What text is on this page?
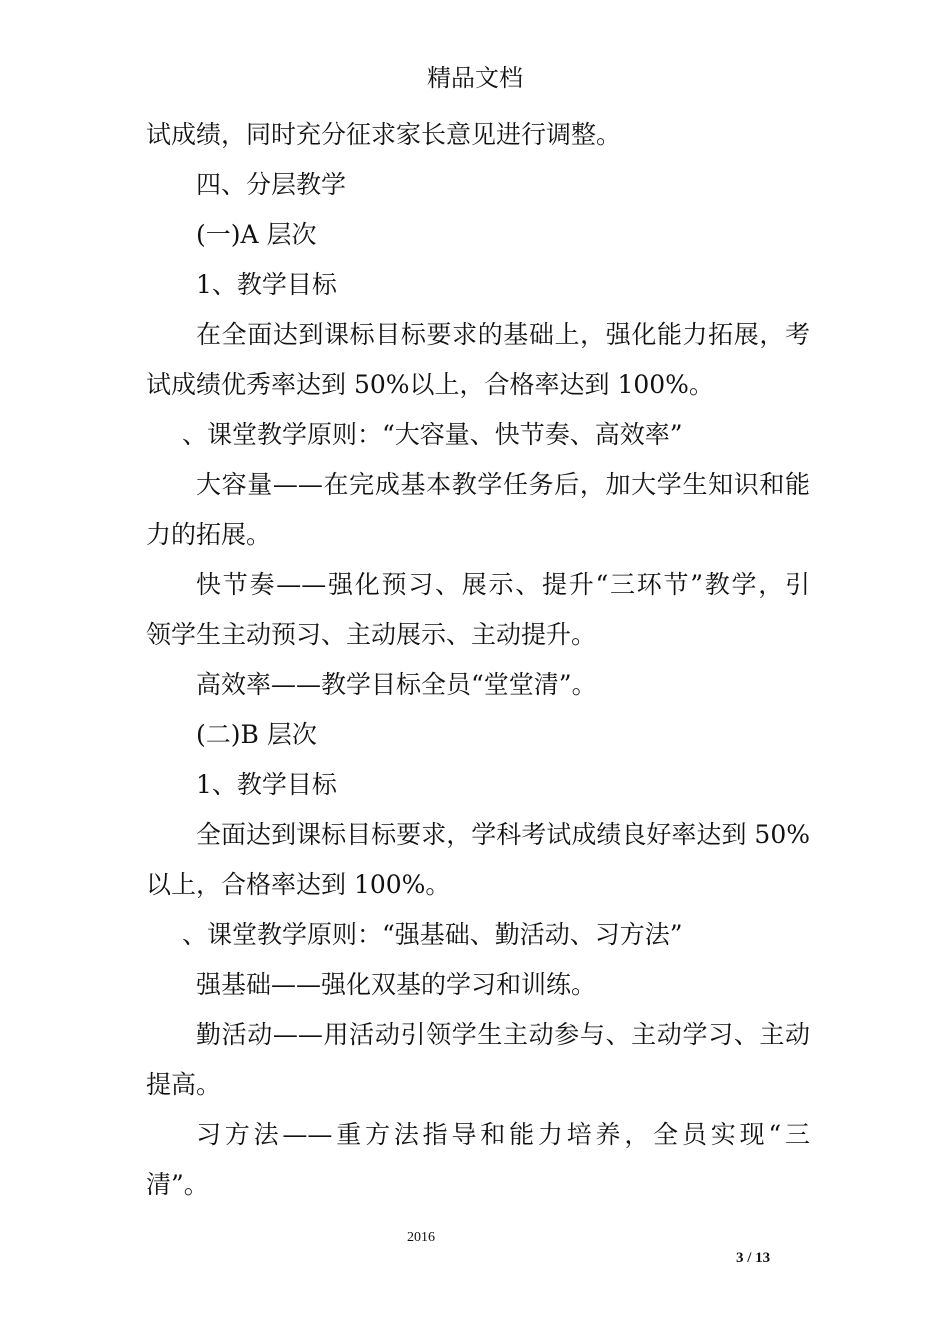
精品文档
试成绩，同时充分征求家长意见进行调整。
四、分层教学
(一)A 层次
1、教学目标
在全面达到课标目标要求的基础上，强化能力拓展，考
试成绩优秀率达到 50%以上，合格率达到 100%。
、课堂教学原则：“大容量、快节奏、高效率”
大容量——在完成基本教学任务后，加大学生知识和能
力的拓展。
快节奏——强化预习、展示、提升“三环节”教学，引
领学生主动预习、主动展示、主动提升。
高效率——教学目标全员“堂堂清”。
(二)B 层次
1、教学目标
全面达到课标目标要求，学科考试成绩良好率达到 50%
以上，合格率达到 100%。
、课堂教学原则：“强基础、勤活动、习方法”
强基础——强化双基的学习和训练。
勤活动——用活动引领学生主动参与、主动学习、主动
提高。
习方法——重方法指导和能力培养，全员实现“三
清”。
2016
3 / 13
